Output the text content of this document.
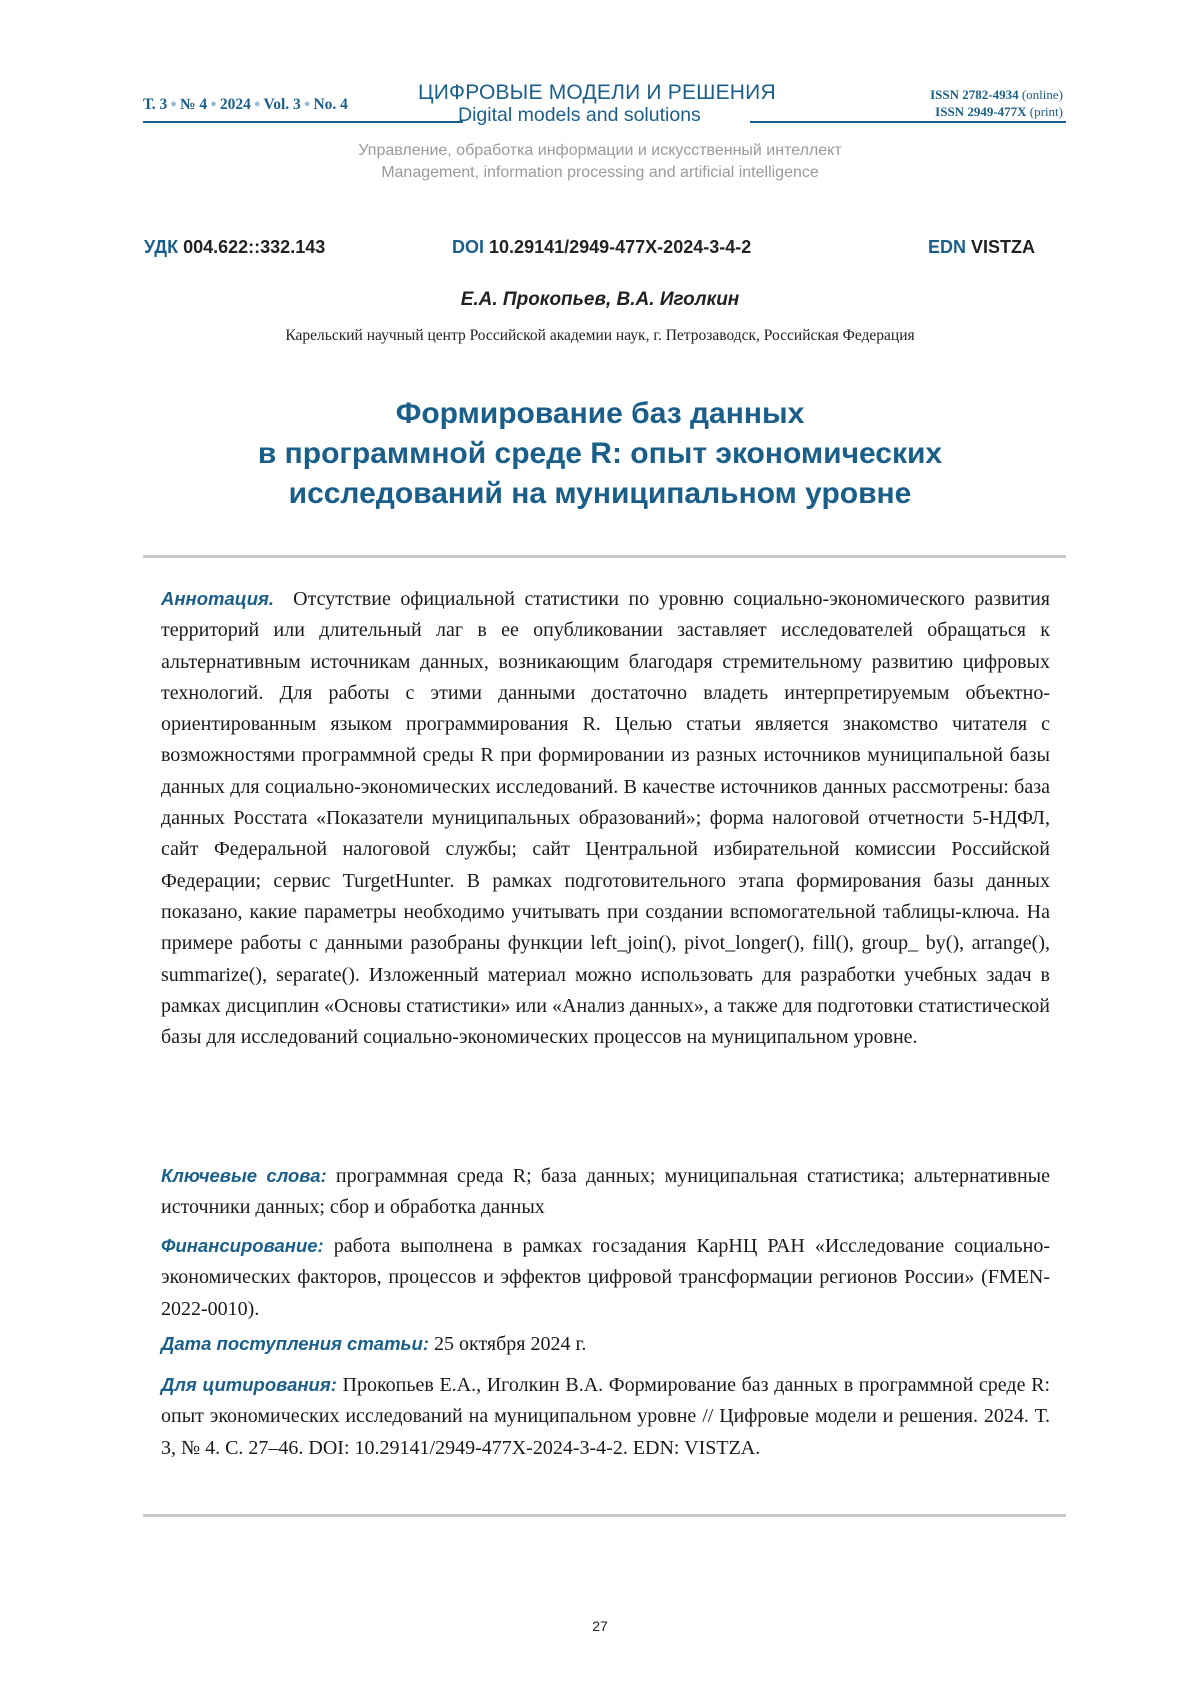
Т. 3 ● № 4 ● 2024 ● Vol. 3 ● No. 4
ЦИФРОВЫЕ МОДЕЛИ И РЕШЕНИЯ
Digital models and solutions
ISSN 2782-4934 (online)
ISSN 2949-477X (print)
Управление, обработка информации и искусственный интеллект
Management, information processing and artificial intelligence
УДК 004.622::332.143	DOI 10.29141/2949-477X-2024-3-4-2	EDN VISTZA
Е.А. Прокопьев, В.А. Иголкин
Карельский научный центр Российской академии наук, г. Петрозаводск, Российская Федерация
Формирование баз данных
в программной среде R: опыт экономических
исследований на муниципальном уровне
Аннотация. Отсутствие официальной статистики по уровню социально-экономи­ческого развития территорий или длительный лаг в ее опубликовании заставляет исследователей обращаться к альтернативным источникам данных, возникающим благодаря стремительному развитию цифровых технологий. Для работы с этими дан­ными достаточно владеть интерпретируемым объектно-ориентированным языком программирования R. Целью статьи является знакомство читателя с возможностями программной среды R при формировании из разных источников муниципальной базы данных для социально-экономических исследований. В качестве источников данных рассмотрены: база данных Росстата «Показатели муниципальных образований»; форма налоговой отчетности 5-НДФЛ, сайт Федеральной налоговой службы; сайт Центральной избирательной комиссии Российской Федерации; сервис TurgetHunter. В рамках подготовительного этапа формирования базы данных показано, какие па­раметры необходимо учитывать при создании вспомогательной таблицы-ключа. На примере работы с данными разобраны функции left_join(), pivot_longer(), fill(), group_ by(), arrange(), summarize(), separate(). Изложенный материал можно использовать для разработки учебных задач в рамках дисциплин «Основы статистики» или «Анализ данных», а также для подготовки статистической базы для исследований социаль­но-экономических процессов на муниципальном уровне.
Ключевые слова: программная среда R; база данных; муниципальная статистика; альтернативные источники данных; сбор и обработка данных
Финансирование: работа выполнена в рамках госзадания КарНЦ РАН «Исследование социально-экономических факторов, процессов и эффектов цифровой трансформа­ции регионов России» (FMEN-2022-0010).
Дата поступления статьи: 25 октября 2024 г.
Для цитирования: Прокопьев Е.А., Иголкин В.А. Формирование баз данных в про­граммной среде R: опыт экономических исследований на муниципальном уровне // Цифровые модели и решения. 2024. Т. 3, № 4. С. 27–46. DOI: 10.29141/2949-477X-2024-3-4-2. EDN: VISTZA.
27
